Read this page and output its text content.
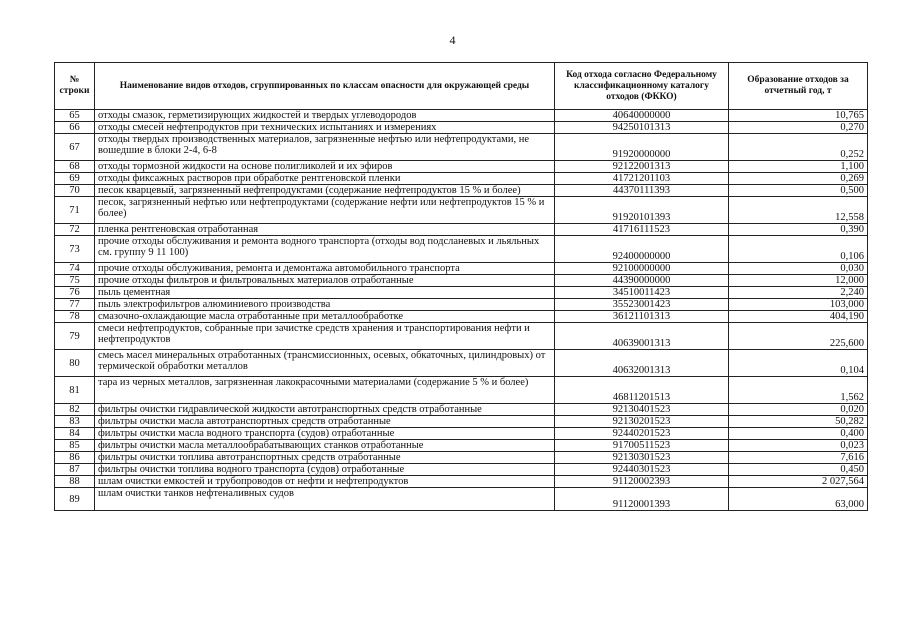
4
№ строки	Наименование видов отходов, сгруппированных по классам опасности для окружающей среды	Код отхода согласно Федеральному классификационному каталогу отходов (ФККО)	Образование отходов за отчетный год, т
65	отходы смазок, герметизирующих жидкостей и твердых углеводородов	40640000000	10,765
66	отходы смесей нефтепродуктов при технических испытаниях и измерениях	94250101313	0,270
67	отходы твердых производственных материалов, загрязненные нефтью или нефтепродуктами, не вошедшие в блоки 2-4, 6-8	91920000000	0,252
68	отходы тормозной жидкости на основе полигликолей и их эфиров	92122001313	1,100
69	отходы фиксажных растворов при обработке рентгеновской пленки	41721201103	0,269
70	песок кварцевый, загрязненный нефтепродуктами (содержание нефтепродуктов 15 % и более)	44370111393	0,500
71	песок, загрязненный нефтью или нефтепродуктами (содержание нефти или нефтепродуктов 15 % и более)	91920101393	12,558
72	пленка рентгеновская отработанная	41716111523	0,390
73	прочие отходы обслуживания и ремонта водного транспорта (отходы вод подсланевых и льяльных см. группу 9 11 100)	92400000000	0,106
74	прочие отходы обслуживания, ремонта и демонтажа автомобильного транспорта	92100000000	0,030
75	прочие отходы фильтров и фильтровальных материалов отработанные	44390000000	12,000
76	пыль цементная	34510011423	2,240
77	пыль электрофильтров алюминиевого производства	35523001423	103,000
78	смазочно-охлаждающие масла отработанные при металлообработке	36121101313	404,190
79	смеси нефтепродуктов, собранные при зачистке средств хранения и транспортирования нефти и нефтепродуктов	40639001313	225,600
80	смесь масел минеральных отработанных (трансмиссионных, осевых, обкаточных, цилиндровых) от термической обработки металлов	40632001313	0,104
81	тара из черных металлов, загрязненная лакокрасочными материалами (содержание 5 % и более)	46811201513	1,562
82	фильтры очистки гидравлической жидкости автотранспортных средств отработанные	92130401523	0,020
83	фильтры очистки масла автотранспортных средств отработанные	92130201523	50,282
84	фильтры очистки масла водного транспорта (судов) отработанные	92440201523	0,400
85	фильтры очистки масла металлообрабатывающих станков отработанные	91700511523	0,023
86	фильтры очистки топлива автотранспортных средств отработанные	92130301523	7,616
87	фильтры очистки топлива водного транспорта (судов) отработанные	92440301523	0,450
88	шлам очистки емкостей и трубопроводов от нефти и нефтепродуктов	91120002393	2 027,564
89	шлам очистки танков нефтеналивных судов	91120001393	63,000
